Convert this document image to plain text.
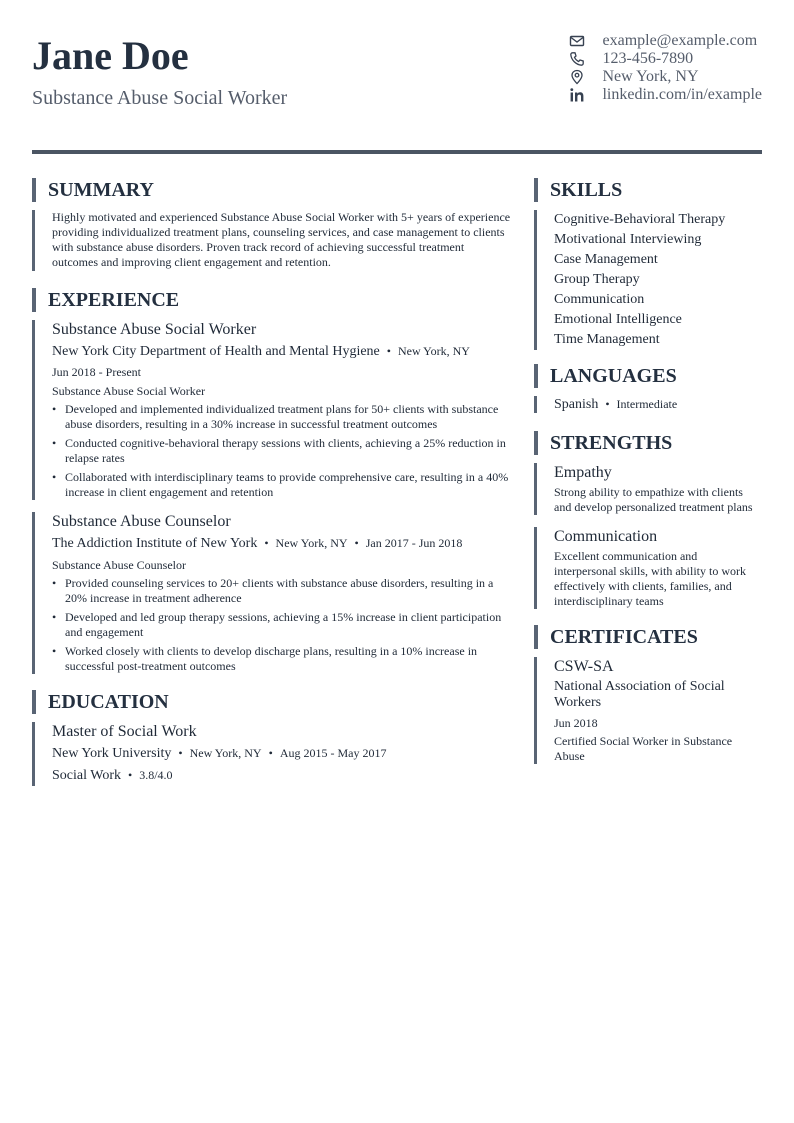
Jane Doe
Substance Abuse Social Worker
example@example.com
123-456-7890
New York, NY
linkedin.com/in/example
SUMMARY
Highly motivated and experienced Substance Abuse Social Worker with 5+ years of experience providing individualized treatment plans, counseling services, and case management to clients with substance abuse disorders. Proven track record of achieving successful treatment outcomes and improving client engagement and retention.
EXPERIENCE
Substance Abuse Social Worker
New York City Department of Health and Mental Hygiene • New York, NY
Jun 2018 - Present
Substance Abuse Social Worker
• Developed and implemented individualized treatment plans for 50+ clients with substance abuse disorders, resulting in a 30% increase in successful treatment outcomes
• Conducted cognitive-behavioral therapy sessions with clients, achieving a 25% reduction in relapse rates
• Collaborated with interdisciplinary teams to provide comprehensive care, resulting in a 40% increase in client engagement and retention
Substance Abuse Counselor
The Addiction Institute of New York • New York, NY • Jan 2017 - Jun 2018
Substance Abuse Counselor
• Provided counseling services to 20+ clients with substance abuse disorders, resulting in a 20% increase in treatment adherence
• Developed and led group therapy sessions, achieving a 15% increase in client participation and engagement
• Worked closely with clients to develop discharge plans, resulting in a 10% increase in successful post-treatment outcomes
EDUCATION
Master of Social Work
New York University • New York, NY • Aug 2015 - May 2017
Social Work • 3.8/4.0
SKILLS
Cognitive-Behavioral Therapy
Motivational Interviewing
Case Management
Group Therapy
Communication
Emotional Intelligence
Time Management
LANGUAGES
Spanish • Intermediate
STRENGTHS
Empathy
Strong ability to empathize with clients and develop personalized treatment plans
Communication
Excellent communication and interpersonal skills, with ability to work effectively with clients, families, and interdisciplinary teams
CERTIFICATES
CSW-SA
National Association of Social Workers
Jun 2018
Certified Social Worker in Substance Abuse
